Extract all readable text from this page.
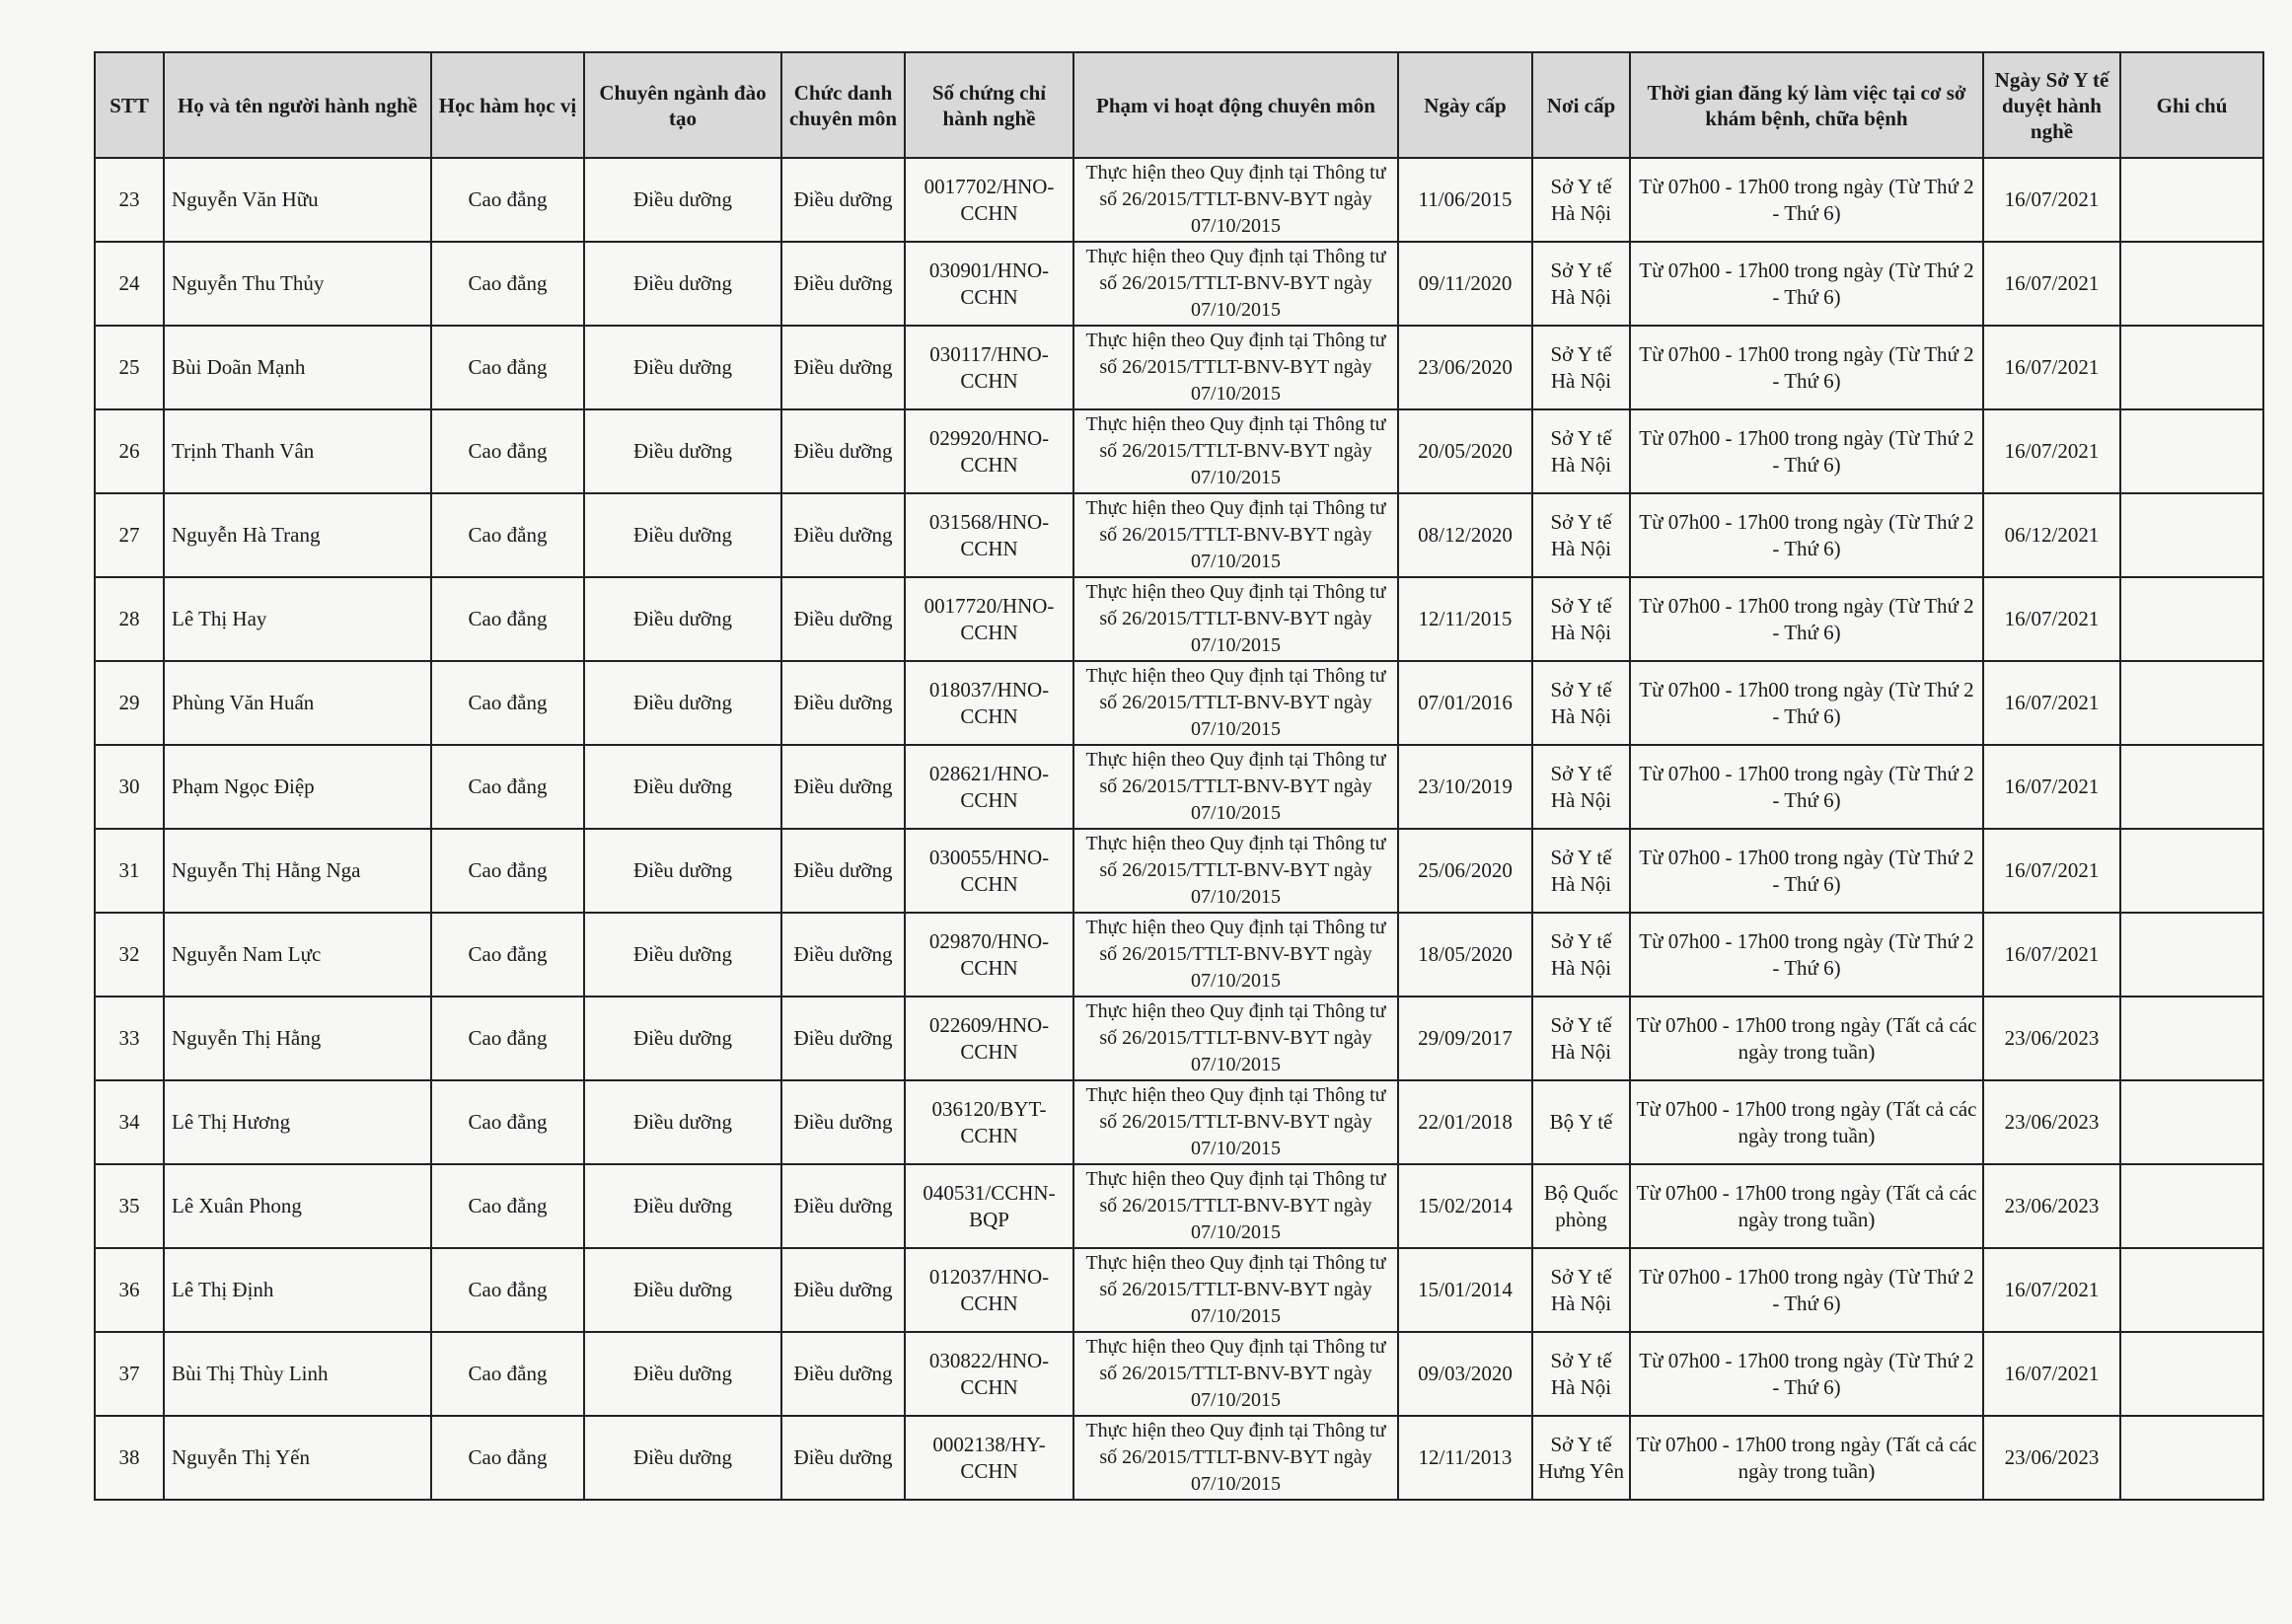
STT	Họ và tên người hành nghề	Học hàm học vị	Chuyên ngành đào tạo	Chức danh chuyên môn	Số chứng chỉ hành nghề	Phạm vi hoạt động chuyên môn	Ngày cấp	Nơi cấp	Thời gian đăng ký làm việc tại cơ sở khám bệnh, chữa bệnh	Ngày Sở Y tế duyệt hành nghề	Ghi chú
23	Nguyễn Văn Hữu	Cao đẳng	Điều dưỡng	Điều dưỡng	0017702/HNO-CCHN	Thực hiện theo Quy định tại Thông tư số 26/2015/TTLT-BNV-BYT ngày 07/10/2015	11/06/2015	Sở Y tế Hà Nội	Từ 07h00 - 17h00 trong ngày (Từ Thứ 2 - Thứ 6)	16/07/2021	
24	Nguyễn Thu Thủy	Cao đẳng	Điều dưỡng	Điều dưỡng	030901/HNO-CCHN	Thực hiện theo Quy định tại Thông tư số 26/2015/TTLT-BNV-BYT ngày 07/10/2015	09/11/2020	Sở Y tế Hà Nội	Từ 07h00 - 17h00 trong ngày (Từ Thứ 2 - Thứ 6)	16/07/2021	
25	Bùi Doãn Mạnh	Cao đẳng	Điều dưỡng	Điều dưỡng	030117/HNO-CCHN	Thực hiện theo Quy định tại Thông tư số 26/2015/TTLT-BNV-BYT ngày 07/10/2015	23/06/2020	Sở Y tế Hà Nội	Từ 07h00 - 17h00 trong ngày (Từ Thứ 2 - Thứ 6)	16/07/2021	
26	Trịnh Thanh Vân	Cao đẳng	Điều dưỡng	Điều dưỡng	029920/HNO-CCHN	Thực hiện theo Quy định tại Thông tư số 26/2015/TTLT-BNV-BYT ngày 07/10/2015	20/05/2020	Sở Y tế Hà Nội	Từ 07h00 - 17h00 trong ngày (Từ Thứ 2 - Thứ 6)	16/07/2021	
27	Nguyễn Hà Trang	Cao đẳng	Điều dưỡng	Điều dưỡng	031568/HNO-CCHN	Thực hiện theo Quy định tại Thông tư số 26/2015/TTLT-BNV-BYT ngày 07/10/2015	08/12/2020	Sở Y tế Hà Nội	Từ 07h00 - 17h00 trong ngày (Từ Thứ 2 - Thứ 6)	06/12/2021	
28	Lê Thị Hay	Cao đẳng	Điều dưỡng	Điều dưỡng	0017720/HNO-CCHN	Thực hiện theo Quy định tại Thông tư số 26/2015/TTLT-BNV-BYT ngày 07/10/2015	12/11/2015	Sở Y tế Hà Nội	Từ 07h00 - 17h00 trong ngày (Từ Thứ 2 - Thứ 6)	16/07/2021	
29	Phùng Văn Huấn	Cao đẳng	Điều dưỡng	Điều dưỡng	018037/HNO-CCHN	Thực hiện theo Quy định tại Thông tư số 26/2015/TTLT-BNV-BYT ngày 07/10/2015	07/01/2016	Sở Y tế Hà Nội	Từ 07h00 - 17h00 trong ngày (Từ Thứ 2 - Thứ 6)	16/07/2021	
30	Phạm Ngọc Điệp	Cao đẳng	Điều dưỡng	Điều dưỡng	028621/HNO-CCHN	Thực hiện theo Quy định tại Thông tư số 26/2015/TTLT-BNV-BYT ngày 07/10/2015	23/10/2019	Sở Y tế Hà Nội	Từ 07h00 - 17h00 trong ngày (Từ Thứ 2 - Thứ 6)	16/07/2021	
31	Nguyễn Thị Hằng Nga	Cao đẳng	Điều dưỡng	Điều dưỡng	030055/HNO-CCHN	Thực hiện theo Quy định tại Thông tư số 26/2015/TTLT-BNV-BYT ngày 07/10/2015	25/06/2020	Sở Y tế Hà Nội	Từ 07h00 - 17h00 trong ngày (Từ Thứ 2 - Thứ 6)	16/07/2021	
32	Nguyễn Nam Lực	Cao đẳng	Điều dưỡng	Điều dưỡng	029870/HNO-CCHN	Thực hiện theo Quy định tại Thông tư số 26/2015/TTLT-BNV-BYT ngày 07/10/2015	18/05/2020	Sở Y tế Hà Nội	Từ 07h00 - 17h00 trong ngày (Từ Thứ 2 - Thứ 6)	16/07/2021	
33	Nguyễn Thị Hằng	Cao đẳng	Điều dưỡng	Điều dưỡng	022609/HNO-CCHN	Thực hiện theo Quy định tại Thông tư số 26/2015/TTLT-BNV-BYT ngày 07/10/2015	29/09/2017	Sở Y tế Hà Nội	Từ 07h00 - 17h00 trong ngày (Tất cả các ngày trong tuần)	23/06/2023	
34	Lê Thị Hương	Cao đẳng	Điều dưỡng	Điều dưỡng	036120/BYT-CCHN	Thực hiện theo Quy định tại Thông tư số 26/2015/TTLT-BNV-BYT ngày 07/10/2015	22/01/2018	Bộ Y tế	Từ 07h00 - 17h00 trong ngày (Tất cả các ngày trong tuần)	23/06/2023	
35	Lê Xuân Phong	Cao đẳng	Điều dưỡng	Điều dưỡng	040531/CCHN-BQP	Thực hiện theo Quy định tại Thông tư số 26/2015/TTLT-BNV-BYT ngày 07/10/2015	15/02/2014	Bộ Quốc phòng	Từ 07h00 - 17h00 trong ngày (Tất cả các ngày trong tuần)	23/06/2023	
36	Lê Thị Định	Cao đẳng	Điều dưỡng	Điều dưỡng	012037/HNO-CCHN	Thực hiện theo Quy định tại Thông tư số 26/2015/TTLT-BNV-BYT ngày 07/10/2015	15/01/2014	Sở Y tế Hà Nội	Từ 07h00 - 17h00 trong ngày (Từ Thứ 2 - Thứ 6)	16/07/2021	
37	Bùi Thị Thùy Linh	Cao đẳng	Điều dưỡng	Điều dưỡng	030822/HNO-CCHN	Thực hiện theo Quy định tại Thông tư số 26/2015/TTLT-BNV-BYT ngày 07/10/2015	09/03/2020	Sở Y tế Hà Nội	Từ 07h00 - 17h00 trong ngày (Từ Thứ 2 - Thứ 6)	16/07/2021	
38	Nguyễn Thị Yến	Cao đẳng	Điều dưỡng	Điều dưỡng	0002138/HY-CCHN	Thực hiện theo Quy định tại Thông tư số 26/2015/TTLT-BNV-BYT ngày 07/10/2015	12/11/2013	Sở Y tế Hưng Yên	Từ 07h00 - 17h00 trong ngày (Tất cả các ngày trong tuần)	23/06/2023	
